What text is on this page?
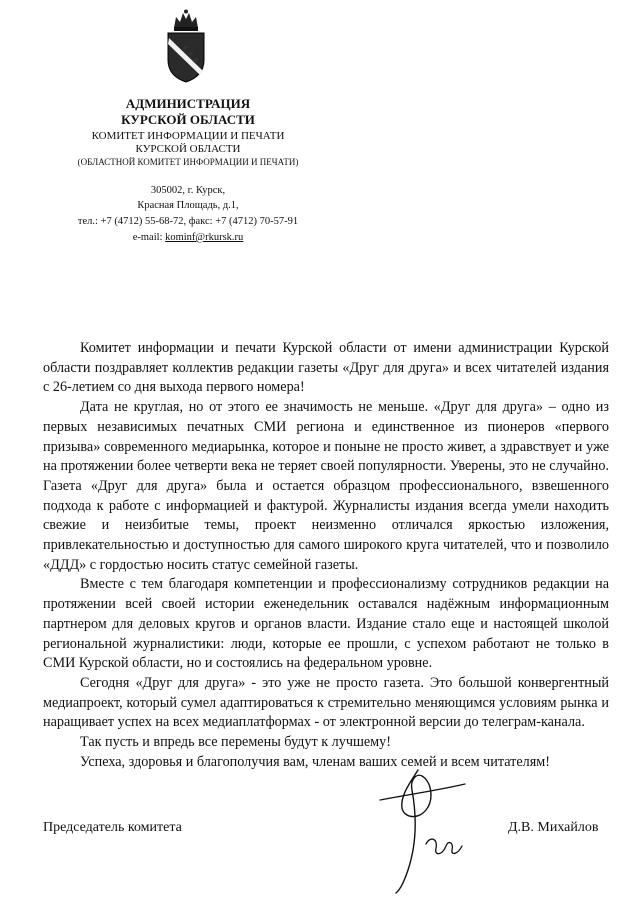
АДМИНИСТРАЦИЯ
КУРСКОЙ ОБЛАСТИ
КОМИТЕТ ИНФОРМАЦИИ И ПЕЧАТИ
КУРСКОЙ ОБЛАСТИ
(ОБЛАСТНОЙ КОМИТЕТ ИНФОРМАЦИИ И ПЕЧАТИ)
305002, г. Курск,
Красная Площадь, д.1,
тел.: +7 (4712) 55-68-72, факс: +7 (4712) 70-57-91
e-mail: kominf@rkursk.ru

Комитет информации и печати Курской области от имени администрации Курской области поздравляет коллектив редакции газеты «Друг для друга» и всех читателей издания с 26-летием со дня выхода первого номера!

Дата не круглая, но от этого ее значимость не меньше. «Друг для друга» – одно из первых независимых печатных СМИ региона и единственное из пионеров «первого призыва» современного медиарынка, которое и поныне не просто живет, а здравствует и уже на протяжении более четверти века не теряет своей популярности. Уверены, это не случайно. Газета «Друг для друга» была и остается образцом профессионального, взвешенного подхода к работе с информацией и фактурой. Журналисты издания всегда умели находить свежие и неизбитые темы, проект неизменно отличался яркостью изложения, привлекательностью и доступностью для самого широкого круга читателей, что и позволило «ДДД» с гордостью носить статус семейной газеты.

Вместе с тем благодаря компетенции и профессионализму сотрудников редакции на протяжении всей своей истории еженедельник оставался надёжным информационным партнером для деловых кругов и органов власти. Издание стало еще и настоящей школой региональной журналистики: люди, которые ее прошли, с успехом работают не только в СМИ Курской области, но и состоялись на федеральном уровне.

Сегодня «Друг для друга» - это уже не просто газета. Это большой конвергентный медиапроект, который сумел адаптироваться к стремительно меняющимся условиям рынка и наращивает успех на всех медиаплатформах - от электронной версии до телеграм-канала.

Так пусть и впредь все перемены будут к лучшему!

Успеха, здоровья и благополучия вам, членам ваших семей и всем читателям!

Председатель комитета	Д.В. Михайлов
